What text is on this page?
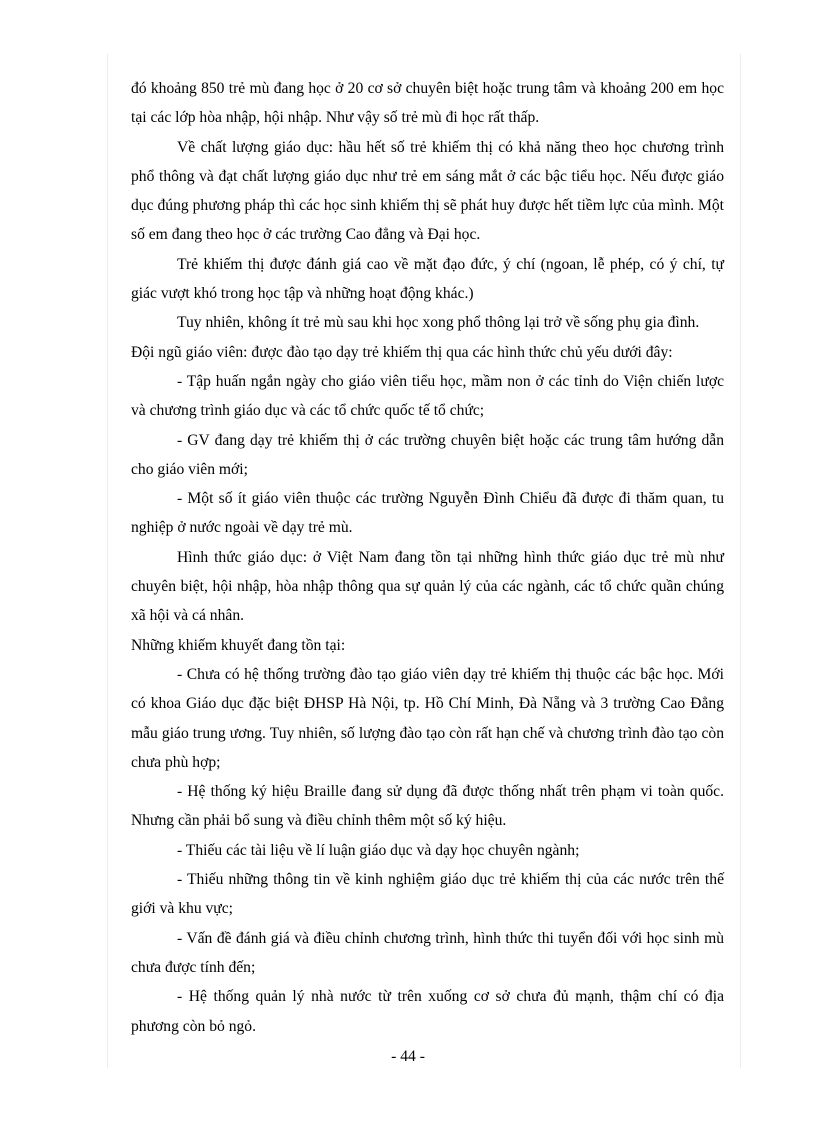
đó khoảng 850 trẻ mù đang học ở 20 cơ sở chuyên biệt hoặc trung tâm và khoảng 200 em học tại các lớp hòa nhập, hội nhập. Như vậy số trẻ mù đi học rất thấp.

Về chất lượng giáo dục: hầu hết số trẻ khiếm thị có khả năng theo học chương trình phổ thông và đạt chất lượng giáo dục như trẻ em sáng mắt ở các bậc tiểu học. Nếu được giáo dục đúng phương pháp thì các học sinh khiếm thị sẽ phát huy được hết tiềm lực của mình. Một số em đang theo học ở các trường Cao đẳng và Đại học.

Trẻ khiếm thị được đánh giá cao về mặt đạo đức, ý chí (ngoan, lễ phép, có ý chí, tự giác vượt khó trong học tập và những hoạt động khác.)

Tuy nhiên, không ít trẻ mù sau khi học xong phổ thông lại trở về sống phụ gia đình.

Đội ngũ giáo viên: được đào tạo dạy trẻ khiếm thị qua các hình thức chủ yếu dưới đây:

- Tập huấn ngắn ngày cho giáo viên tiểu học, mầm non ở các tỉnh do Viện chiến lược và chương trình giáo dục và các tổ chức quốc tế tổ chức;

- GV đang dạy trẻ khiếm thị ở các trường chuyên biệt hoặc các trung tâm hướng dẫn cho giáo viên mới;

- Một số ít giáo viên thuộc các trường Nguyễn Đình Chiểu đã được đi thăm quan, tu nghiệp ở nước ngoài về dạy trẻ mù.

Hình thức giáo dục: ở Việt Nam đang tồn tại những hình thức giáo dục trẻ mù như chuyên biệt, hội nhập, hòa nhập thông qua sự quản lý của các ngành, các tổ chức quần chúng xã hội và cá nhân.

Những khiếm khuyết đang tồn tại:

- Chưa có hệ thống trường đào tạo giáo viên dạy trẻ khiếm thị thuộc các bậc học. Mới có khoa Giáo dục đặc biệt ĐHSP Hà Nội, tp. Hồ Chí Minh, Đà Nẵng và 3 trường Cao Đẳng mẫu giáo trung ương. Tuy nhiên, số lượng đào tạo còn rất hạn chế và chương trình đào tạo còn chưa phù hợp;

- Hệ thống ký hiệu Braille đang sử dụng đã được thống nhất trên phạm vi toàn quốc. Nhưng cần phải bổ sung và điều chỉnh thêm một số ký hiệu.

- Thiếu các tài liệu về lí luận giáo dục và dạy học chuyên ngành;

- Thiếu những thông tin về kinh nghiệm giáo dục trẻ khiếm thị của các nước trên thế giới và khu vực;

- Vấn đề đánh giá và điều chỉnh chương trình, hình thức thi tuyển đối với học sinh mù chưa được tính đến;

- Hệ thống quản lý nhà nước từ trên xuống cơ sở chưa đủ mạnh, thậm chí có địa phương còn bỏ ngỏ.

- 44 -
